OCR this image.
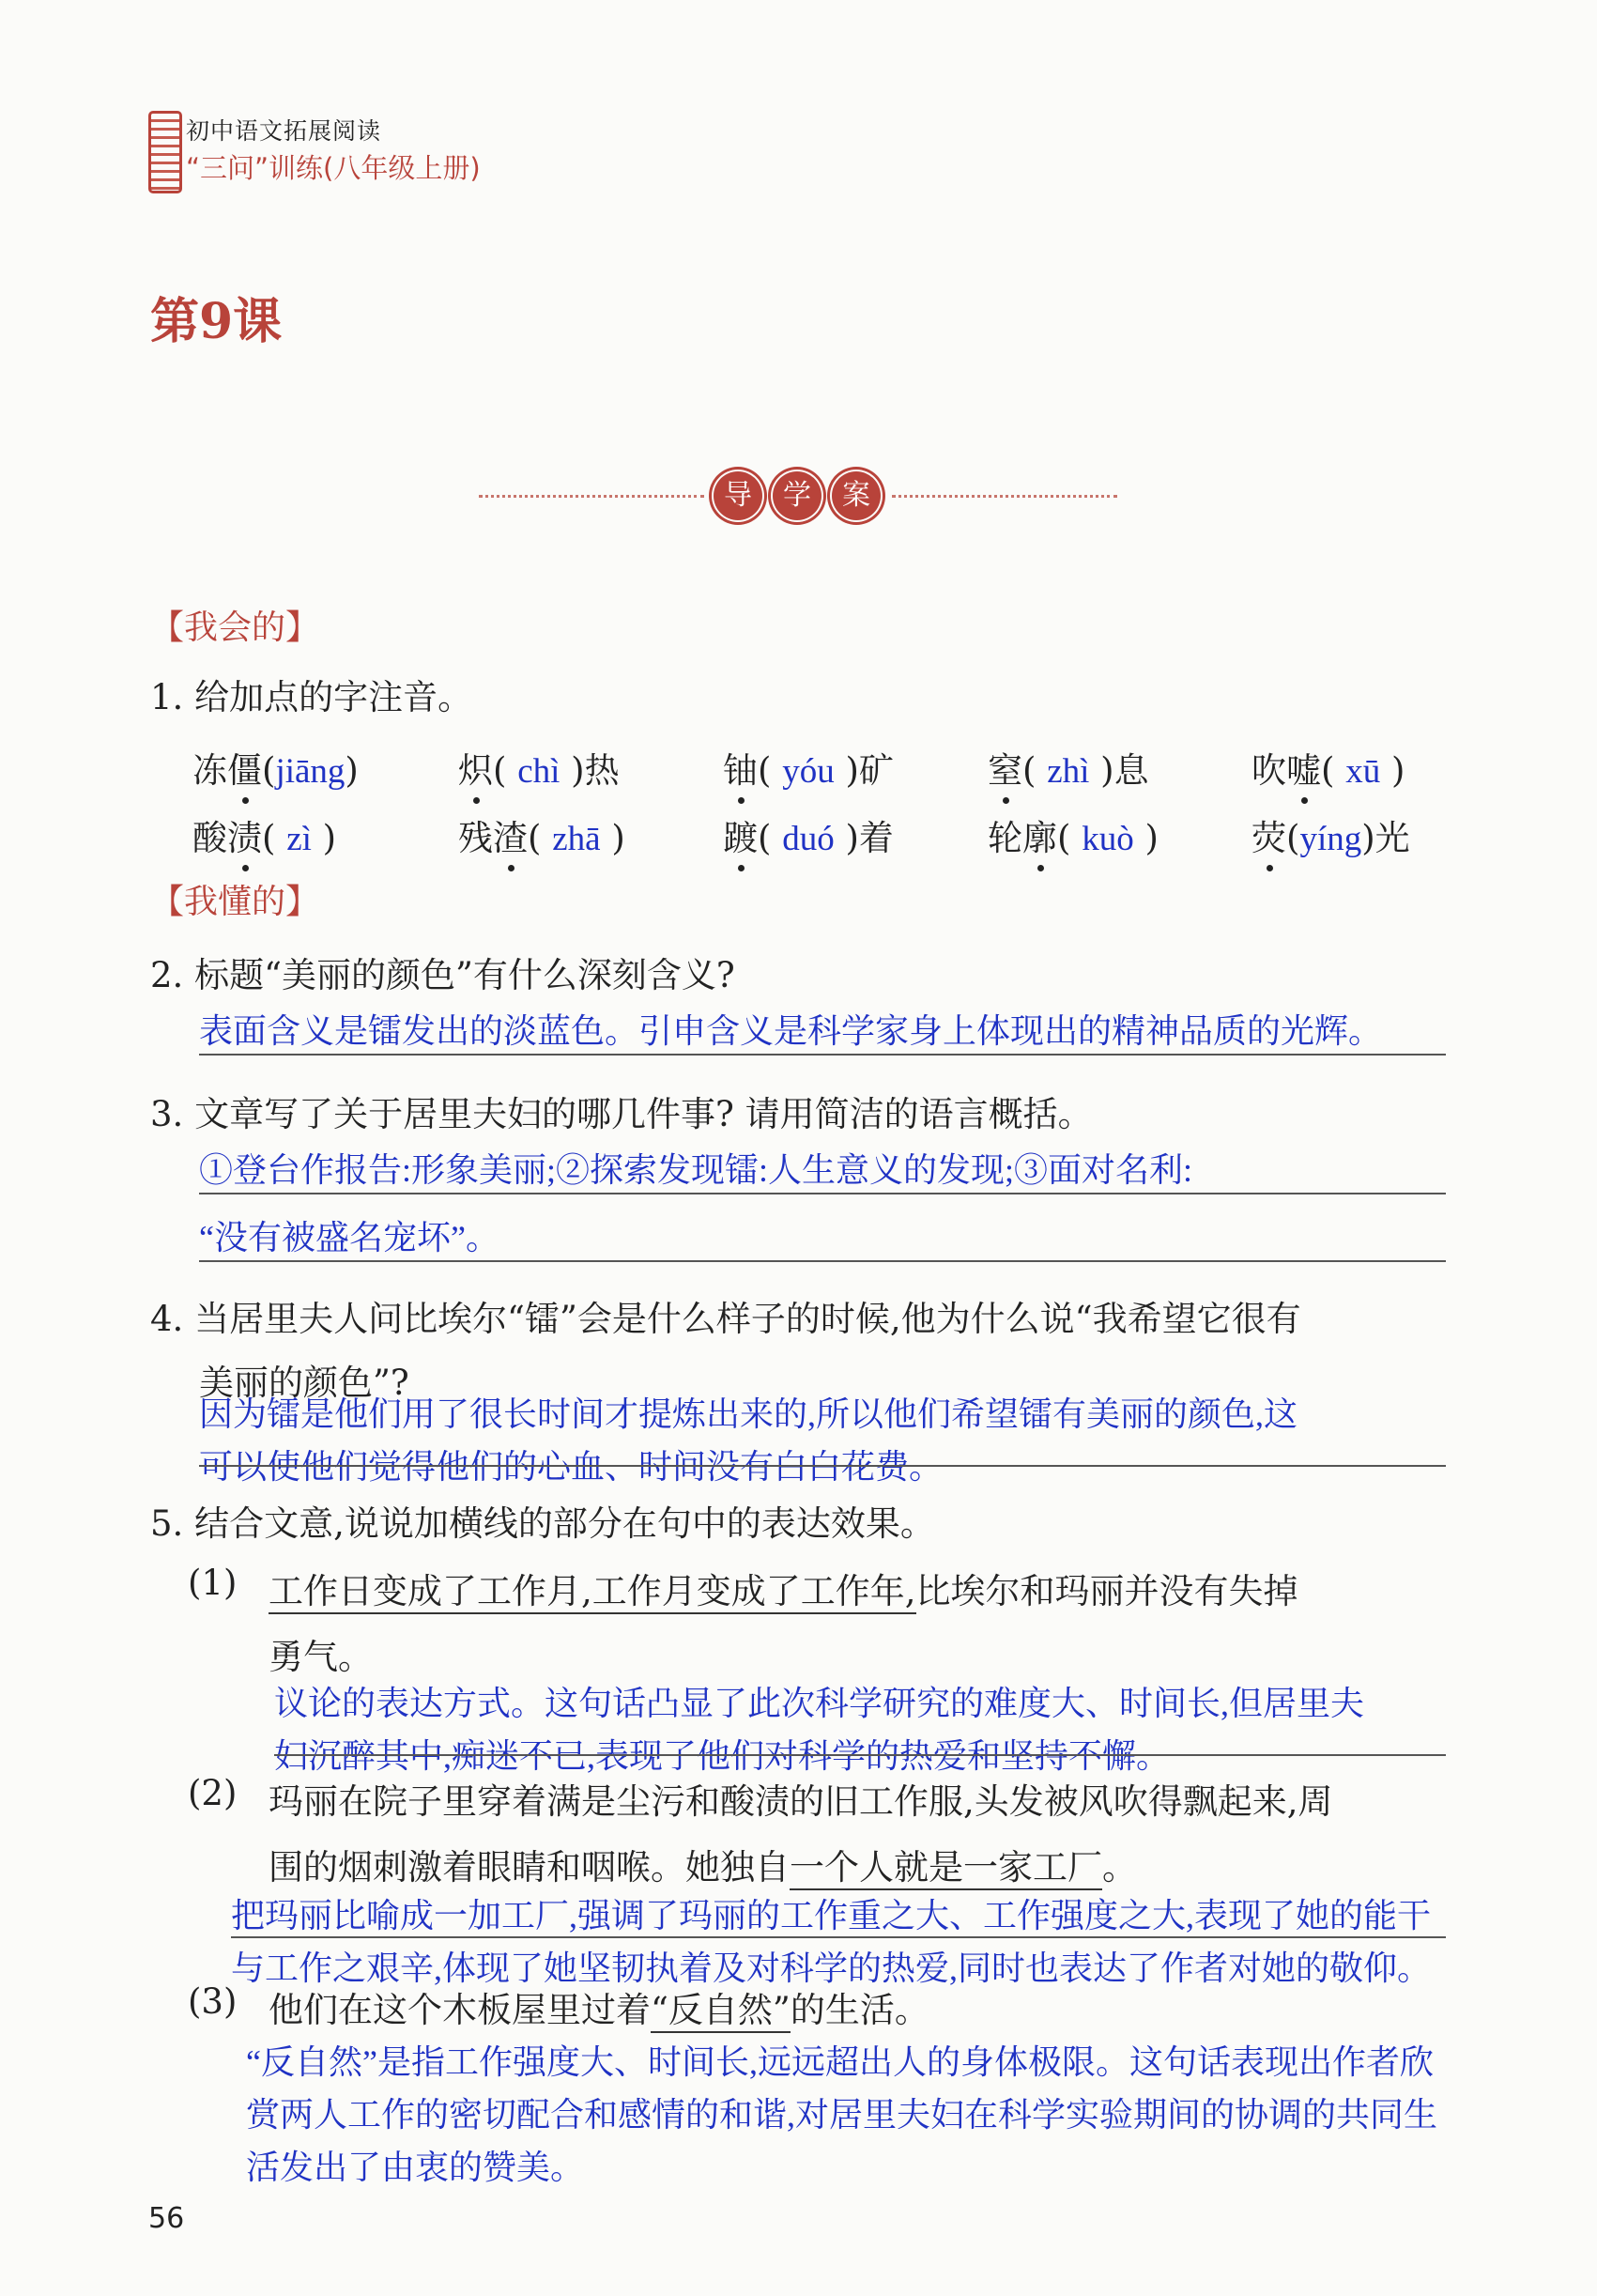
初中语文拓展阅读
“三问”训练(八年级上册)
第9课
导	学	案
【我会的】
1. 给加点的字注音。
冻僵(jiāng)	炽( chì )热	铀( yóu )矿	窒( zhì )息	吹嘘( xū )
酸渍( zì )	残渣( zhā )	踱( duó )着	轮廓( kuò )	荧(yíng)光
【我懂的】
2. 标题“美丽的颜色”有什么深刻含义?
表面含义是镭发出的淡蓝色。引申含义是科学家身上体现出的精神品质的光辉。
3. 文章写了关于居里夫妇的哪几件事? 请用简洁的语言概括。
①登台作报告:形象美丽;②探索发现镭:人生意义的发现;③面对名利:
“没有被盛名宠坏”。
4. 当居里夫人问比埃尔“镭”会是什么样子的时候,他为什么说“我希望它很有
美丽的颜色”?
因为镭是他们用了很长时间才提炼出来的,所以他们希望镭有美丽的颜色,这
可以使他们觉得他们的心血、时间没有白白花费。
5. 结合文意,说说加横线的部分在句中的表达效果。
(1) 工作日变成了工作月,工作月变成了工作年,比埃尔和玛丽并没有失掉
勇气。
议论的表达方式。这句话凸显了此次科学研究的难度大、时间长,但居里夫
妇沉醉其中,痴迷不已,表现了他们对科学的热爱和坚持不懈。
(2) 玛丽在院子里穿着满是尘污和酸渍的旧工作服,头发被风吹得飘起来,周
围的烟刺激着眼睛和咽喉。她独自一个人就是一家工厂。
把玛丽比喻成一加工厂,强调了玛丽的工作重之大、工作强度之大,表现了她的能干
与工作之艰辛,体现了她坚韧执着及对科学的热爱,同时也表达了作者对她的敬仰。
(3) 他们在这个木板屋里过着“反自然”的生活。
“反自然”是指工作强度大、时间长,远远超出人的身体极限。这句话表现出作者欣
赏两人工作的密切配合和感情的和谐,对居里夫妇在科学实验期间的协调的共同生
活发出了由衷的赞美。
56
